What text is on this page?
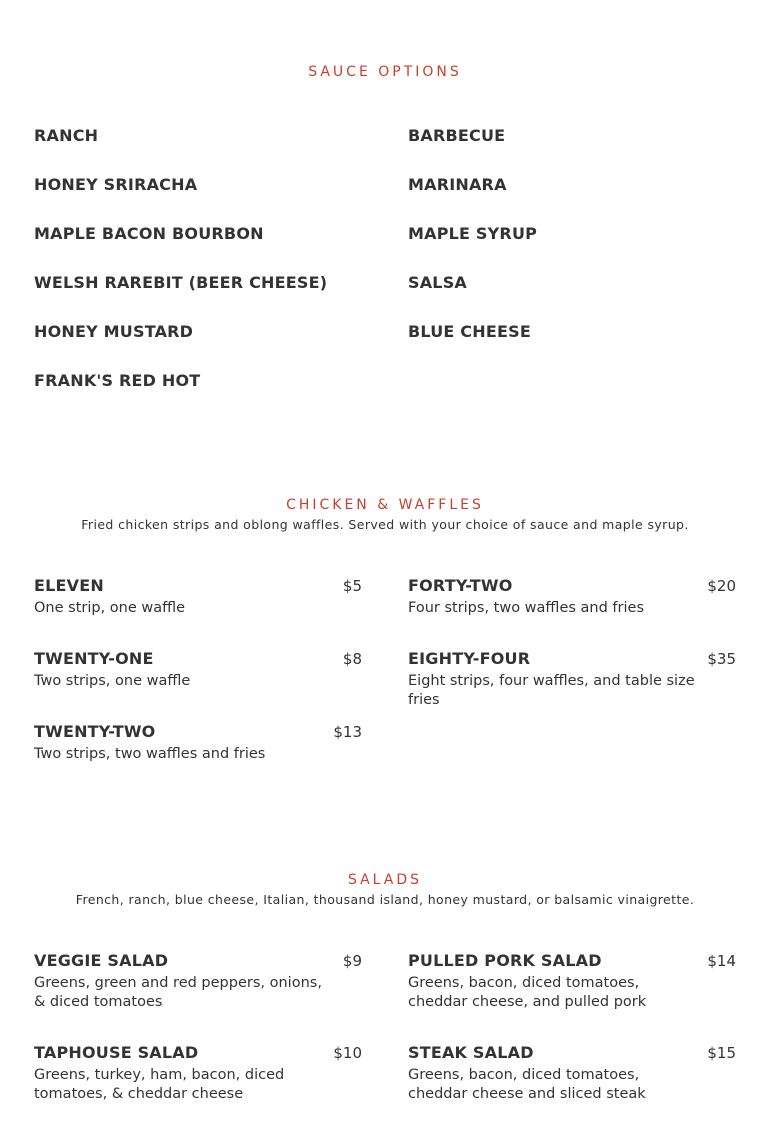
SAUCE OPTIONS
RANCH
HONEY SRIRACHA
MAPLE BACON BOURBON
WELSH RAREBIT (BEER CHEESE)
HONEY MUSTARD
FRANK'S RED HOT
BARBECUE
MARINARA
MAPLE SYRUP
SALSA
BLUE CHEESE
CHICKEN & WAFFLES
Fried chicken strips and oblong waffles. Served with your choice of sauce and maple syrup.
ELEVEN	$5
One strip, one waffle
TWENTY-ONE	$8
Two strips, one waffle
TWENTY-TWO	$13
Two strips, two waffles and fries
FORTY-TWO	$20
Four strips, two waffles and fries
EIGHTY-FOUR	$35
Eight strips, four waffles, and table size fries
SALADS
French, ranch, blue cheese, Italian, thousand island, honey mustard, or balsamic vinaigrette.
VEGGIE SALAD	$9
Greens, green and red peppers, onions, & diced tomatoes
TAPHOUSE SALAD	$10
Greens, turkey, ham, bacon, diced tomatoes, & cheddar cheese
PULLED PORK SALAD	$14
Greens, bacon, diced tomatoes, cheddar cheese, and pulled pork
STEAK SALAD	$15
Greens, bacon, diced tomatoes, cheddar cheese and sliced steak
